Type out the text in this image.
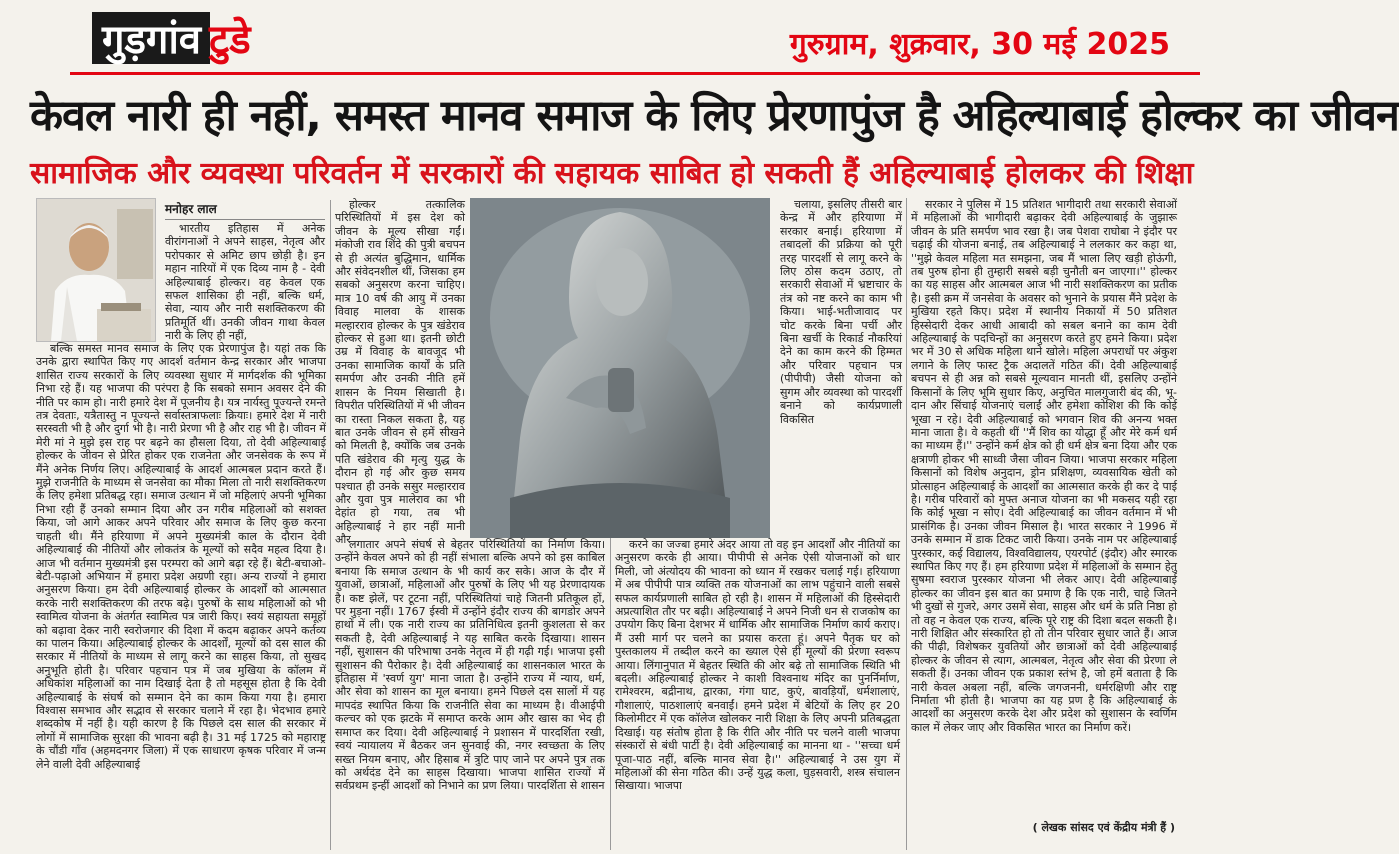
गुड़गांव टुडे	गुरुग्राम, शुक्रवार, 30 मई 2025
केवल नारी ही नहीं, समस्त मानव समाज के लिए प्रेरणापुंज है अहिल्याबाई होल्कर का जीवन
सामाजिक और व्यवस्था परिवर्तन में सरकारों की सहायक साबित हो सकती हैं अहिल्याबाई होलकर की शिक्षा
मनोहर लाल

भारतीय इतिहास में अनेक वीरांगनाओं ने अपने साहस, नेतृत्व और परोपकार से अमिट छाप छोड़ी है। इन महान नारियों में एक दिव्य नाम है - देवी अहिल्याबाई होल्कर। वह केवल एक सफल शासिका ही नहीं, बल्कि धर्म, सेवा, न्याय और नारी सशक्तिकरण की प्रतिमूर्ति थीं। उनकी जीवन गाथा केवल नारी के लिए ही नहीं,

बल्कि समस्त मानव समाज के लिए एक प्रेरणापुंज है। यहां तक कि उनके द्वारा स्थापित किए गए आदर्श वर्तमान केन्द्र सरकार और भाजपा शासित राज्य सरकारों के लिए व्यवस्था सुधार में मार्गदर्शक की भूमिका निभा रहे हैं। यह भाजपा की परंपरा है कि सबको समान अवसर देने की नीति पर काम हो। नारी हमारे देश में पूजनीय है। यत्र नार्यस्तु पूज्यन्ते रमन्ते तत्र देवताः, यत्रैतास्तु न पूज्यन्ते सर्वास्तत्राफलाः क्रियाः। हमारे देश में नारी सरस्वती भी है और दुर्गा भी है। नारी प्रेरणा भी है और राह भी है। जीवन में मेरी मां ने मुझे इस राह पर बढ़ने का हौसला दिया, तो देवी अहिल्याबाई होल्कर के जीवन से प्रेरित होकर एक राजनेता और जनसेवक के रूप में मैंने अनेक निर्णय लिए। अहिल्याबाई के आदर्श आत्मबल प्रदान करते हैं। मुझे राजनीति के माध्यम से जनसेवा का मौका मिला तो नारी सशक्तिकरण के लिए हमेशा प्रतिबद्ध रहा। समाज उत्थान में जो महिलाएं अपनी भूमिका निभा रही हैं उनको सम्मान दिया और उन गरीब महिलाओं को सशक्त किया, जो आगे आकर अपने परिवार और समाज के लिए कुछ करना चाहती थी। मैंने हरियाणा में अपने मुख्यमंत्री काल के दौरान देवी अहिल्याबाई की नीतियों और लोकतंत्र के मूल्यों को सदैव महत्व दिया है। आज भी वर्तमान मुख्यमंत्री इस परम्परा को आगे बढ़ा रहे हैं। बेटी-बचाओ-बेटी-पढ़ाओ अभियान में हमारा प्रदेश अग्रणी रहा। अन्य राज्यों ने हमारा अनुसरण किया। हम देवी अहिल्याबाई होल्कर के आदर्शों को आत्मसात करके नारी सशक्तिकरण की तरफ बढ़े। पुरुषों के साथ महिलाओं को भी स्वामित्व योजना के अंतर्गत स्वामित्व पत्र जारी किए। स्वयं सहायता समूहों को बढ़ावा देकर नारी स्वरोजगार की दिशा में कदम बढ़ाकर अपने कर्तव्य का पालन किया। अहिल्याबाई होल्कर के आदर्शों, मूल्यों को दस साल की सरकार में नीतियों के माध्यम से लागू करने का साहस किया, तो सुखद अनुभूति होती है। परिवार पहचान पत्र में जब मुखिया के कॉलम में अधिकांश महिलाओं का नाम दिखाई देता है तो महसूस होता है कि देवी अहिल्याबाई के संघर्ष को सम्मान देने का काम किया गया है। हमारा विश्वास समभाव और सद्भाव से सरकार चलाने में रहा है। भेदभाव हमारे शब्दकोष में नहीं है। यही कारण है कि पिछले दस साल की सरकार में लोगों में सामाजिक सुरक्षा की भावना बढ़ी है। 31 मई 1725 को महाराष्ट्र के चौंडी गाँव (अहमदनगर जिला) में एक साधारण कृषक परिवार में जन्म लेने वाली देवी अहिल्याबाई

होल्कर तत्कालिक परिस्थितियों में इस देश को जीवन के मूल्य सीखा गईं। मंकोजी राव शिंदे की पुत्री बचपन से ही अत्यंत बुद्धिमान, धार्मिक और संवेदनशील थीं, जिसका हम सबको अनुसरण करना चाहिए। मात्र 10 वर्ष की आयु में उनका विवाह मालवा के शासक मल्हारराव होल्कर के पुत्र खंडेराव होल्कर से हुआ था। इतनी छोटी उम्र में विवाह के बावजूद भी उनका सामाजिक कार्यों के प्रति समर्पण और उनकी नीति हमें शासन के नियम सिखाती है। विपरीत परिस्थितियों में भी जीवन का रास्ता निकल सकता है, यह बात उनके जीवन से हमें सीखने को मिलती है, क्योंकि जब उनके पति खंडेराव की मृत्यु युद्ध के दौरान हो गई और कुछ समय पश्चात ही उनके ससुर मल्हारराव और युवा पुत्र मालेराव का भी देहांत हो गया, तब भी अहिल्याबाई ने हार नहीं मानी और

लगातार अपने संघर्ष से बेहतर परिस्थितियों का निर्माण किया। उन्होंने केवल अपने को ही नहीं संभाला बल्कि अपने को इस काबिल बनाया कि समाज उत्थान के भी कार्य कर सके। आज के दौर में युवाओं, छात्राओं, महिलाओं और पुरुषों के लिए भी यह प्रेरणादायक है। कष्ट झेलें, पर टूटना नहीं, परिस्थितियां चाहे जितनी प्रतिकूल हों, पर मुड़ना नहीं। 1767 ईस्वी में उन्होंने इंदौर राज्य की बागडोर अपने हाथों में ली। एक नारी राज्य का प्रतिनिधित्व इतनी कुशलता से कर सकती है, देवी अहिल्याबाई ने यह साबित करके दिखाया। शासन नहीं, सुशासन की परिभाषा उनके नेतृत्व में ही गढ़ी गई। भाजपा इसी सुशासन की पैरोकार है। देवी अहिल्याबाई का शासनकाल भारत के इतिहास में 'स्वर्ण युग' माना जाता है। उन्होंने राज्य में न्याय, धर्म, और सेवा को शासन का मूल बनाया। हमने पिछले दस सालों में यह मापदंड स्थापित किया कि राजनीति सेवा का माध्यम है। वीआईपी कल्चर को एक झटके में समाप्त करके आम और खास का भेद ही समाप्त कर दिया। देवी अहिल्याबाई ने प्रशासन में पारदर्शिता रखी, स्वयं न्यायालय में बैठकर जन सुनवाई की, नगर स्वच्छता के लिए सख्त नियम बनाए, और हिसाब में त्रुटि पाए जाने पर अपने पुत्र तक को अर्थदंड देने का साहस दिखाया। भाजपा शासित राज्यों में सर्वप्रथम इन्हीं आदर्शों को निभाने का प्रण लिया। पारदर्शिता से शासन

चलाया, इसलिए तीसरी बार केन्द्र में और हरियाणा में सरकार बनाई। हरियाणा में तबादलों की प्रक्रिया को पूरी तरह पारदर्शी से लागू करने के लिए ठोस कदम उठाए, तो सरकारी सेवाओं में भ्रष्टाचार के तंत्र को नष्ट करने का काम भी किया। भाई-भतीजावाद पर चोट करके बिना पर्ची और बिना खर्ची के रिकार्ड नौकरियां देने का काम करने की हिम्मत और परिवार पहचान पत्र (पीपीपी) जैसी योजना को सुगम और व्यवस्था को पारदर्शी बनाने को कार्यप्रणाली विकसित

करने का जज्बा हमारे अंदर आया तो वह इन आदर्शों और नीतियों का अनुसरण करके ही आया। पीपीपी से अनेक ऐसी योजनाओं को धार मिली, जो अंत्योदय की भावना को ध्यान में रखकर चलाई गई। हरियाणा में अब पीपीपी पात्र व्यक्ति तक योजनाओं का लाभ पहुंचाने वाली सबसे सफल कार्यप्रणाली साबित हो रही है। शासन में महिलाओं की हिस्सेदारी अप्रत्याशित तौर पर बढ़ी। अहिल्याबाई ने अपने निजी धन से राजकोष का उपयोग किए बिना देशभर में धार्मिक और सामाजिक निर्माण कार्य कराए। मैं उसी मार्ग पर चलने का प्रयास करता हूं। अपने पैतृक घर को पुस्तकालय में तब्दील करने का ख्याल ऐसे ही मूल्यों की प्रेरणा स्वरूप आया। लिंगानुपात में बेहतर स्थिति की ओर बढ़े तो सामाजिक स्थिति भी बदली। अहिल्याबाई होल्कर ने काशी विश्वनाथ मंदिर का पुनर्निर्माण, रामेश्वरम, बद्रीनाथ, द्वारका, गंगा घाट, कुएं, बावड़ियाँ, धर्मशालाएं, गौशालाएं, पाठशालाएं बनवाईं। हमने प्रदेश में बेटियों के लिए हर 20 किलोमीटर में एक कॉलेज खोलकर नारी शिक्षा के लिए अपनी प्रतिबद्धता दिखाई। यह संतोष होता है कि रीति और नीति पर चलने वाली भाजपा संस्कारों से बंधी पार्टी है। देवी अहिल्याबाई का मानना था - ''सच्चा धर्म पूजा-पाठ नहीं, बल्कि मानव सेवा है।'' अहिल्याबाई ने उस युग में महिलाओं की सेना गठित की। उन्हें युद्ध कला, घुड़सवारी, शस्त्र संचालन सिखाया। भाजपा

सरकार ने पुलिस में 15 प्रतिशत भागीदारी तथा सरकारी सेवाओं में महिलाओं की भागीदारी बढ़ाकर देवी अहिल्याबाई के जुझारू जीवन के प्रति समर्पण भाव रखा है। जब पेशवा राघोबा ने इंदौर पर चढ़ाई की योजना बनाई, तब अहिल्याबाई ने ललकार कर कहा था, ''मुझे केवल महिला मत समझना, जब मैं भाला लिए खड़ी होऊंगी, तब पुरुष होना ही तुम्हारी सबसे बड़ी चुनौती बन जाएगा।'' होल्कर का यह साहस और आत्मबल आज भी नारी सशक्तिकरण का प्रतीक है। इसी क्रम में जनसेवा के अवसर को भुनाने के प्रयास मैंने प्रदेश के मुखिया रहते किए। प्रदेश में स्थानीय निकायों में 50 प्रतिशत हिस्सेदारी देकर आधी आबादी को सबल बनाने का काम देवी अहिल्याबाई के पदचिन्हों का अनुसरण करते हुए हमने किया। प्रदेश भर में 30 से अधिक महिला थाने खोले। महिला अपराधों पर अंकुश लगाने के लिए फास्ट ट्रैक अदालतें गठित कीं। देवी अहिल्याबाई बचपन से ही अन्न को सबसे मूल्यवान मानती थीं, इसलिए उन्होंने किसानों के लिए भूमि सुधार किए, अनुचित मालगुजारी बंद की, भू-दान और सिंचाई योजनाएं चलाईं और हमेशा कोशिश की कि कोई भूखा न रहे। देवी अहिल्याबाई को भगवान शिव की अनन्य भक्त माना जाता है। वे कहती थीं ''मैं शिव का योद्धा हूँ और मेरे कर्म धर्म का माध्यम हैं।'' उन्होंने कर्म क्षेत्र को ही धर्म क्षेत्र बना दिया और एक क्षत्राणी होकर भी साध्वी जैसा जीवन जिया। भाजपा सरकार महिला किसानों को विशेष अनुदान, ड्रोन प्रशिक्षण, व्यवसायिक खेती को प्रोत्साहन अहिल्याबाई के आदर्शों का आत्मसात करके ही कर दे पाई है। गरीब परिवारों को मुफ्त अनाज योजना का भी मकसद यही रहा कि कोई भूखा न सोए। देवी अहिल्याबाई का जीवन वर्तमान में भी प्रासंगिक है। उनका जीवन मिसाल है। भारत सरकार ने 1996 में उनके सम्मान में डाक टिकट जारी किया। उनके नाम पर अहिल्याबाई पुरस्कार, कई विद्यालय, विश्वविद्यालय, एयरपोर्ट (इंदौर) और स्मारक स्थापित किए गए हैं। हम हरियाणा प्रदेश में महिलाओं के सम्मान हेतु सुषमा स्वराज पुरस्कार योजना भी लेकर आए। देवी अहिल्याबाई होल्कर का जीवन इस बात का प्रमाण है कि एक नारी, चाहे जितने भी दुखों से गुजरे, अगर उसमें सेवा, साहस और धर्म के प्रति निष्ठा हो तो वह न केवल एक राज्य, बल्कि पूरे राष्ट्र की दिशा बदल सकती है। नारी शिक्षित और संस्कारित हो तो तीन परिवार सुधार जाते हैं। आज की पीढ़ी, विशेषकर युवतियों और छात्राओं को देवी अहिल्याबाई होल्कर के जीवन से त्याग, आत्मबल, नेतृत्व और सेवा की प्रेरणा ले सकती हैं। उनका जीवन एक प्रकाश स्तंभ है, जो हमें बताता है कि नारी केवल अबला नहीं, बल्कि जगजननी, धर्मरक्षिणी और राष्ट्र निर्माता भी होती है। भाजपा का यह प्रण है कि अहिल्याबाई के आदर्शों का अनुसरण करके देश और प्रदेश को सुशासन के स्वर्णिम काल में लेकर जाए और विकसित भारत का निर्माण करें।

( लेखक सांसद एवं केंद्रीय मंत्री हैं )
